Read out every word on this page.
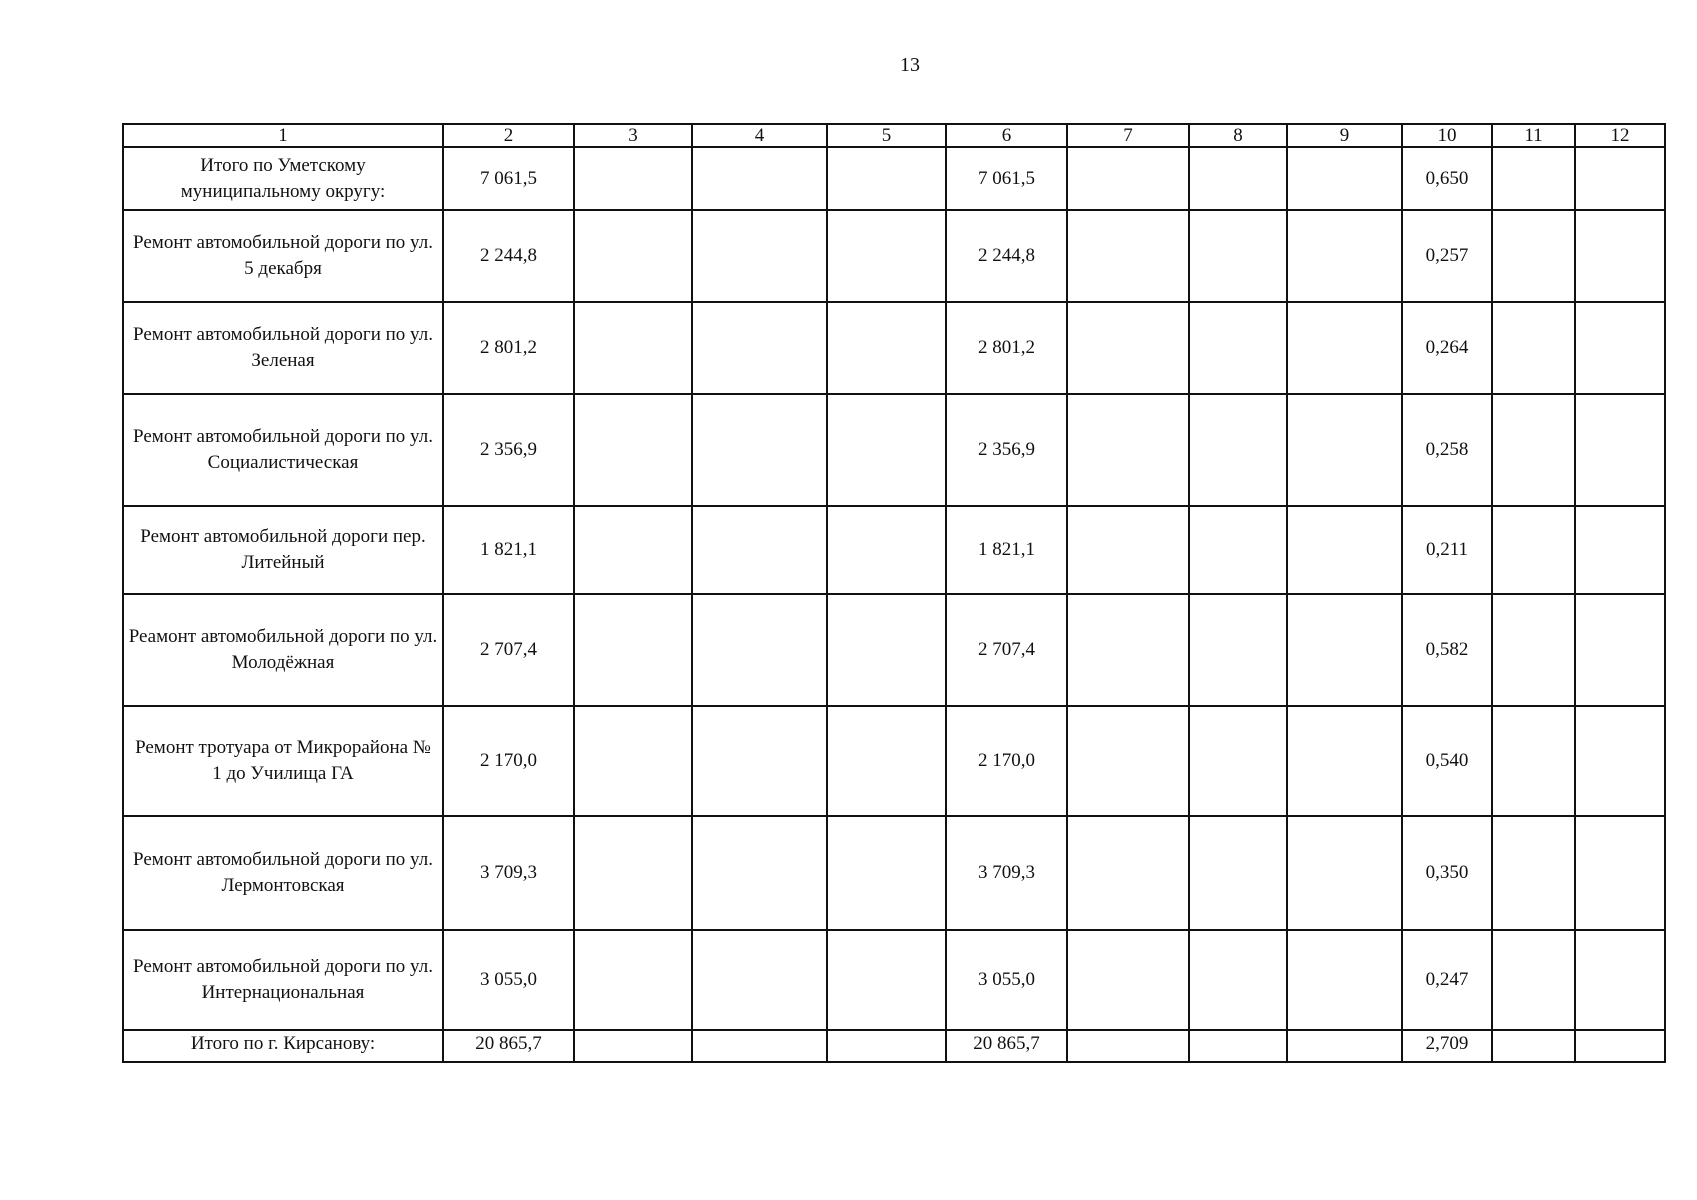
13
1	2	3	4	5	6	7	8	9	10	11	12
Итого по Уметскому муниципальному округу:	7 061,5				7 061,5				0,650		
Ремонт автомобильной дороги по ул. 5 декабря	2 244,8				2 244,8				0,257		
Ремонт автомобильной дороги по ул. Зеленая	2 801,2				2 801,2				0,264		
Ремонт автомобильной дороги по ул. Социалистическая	2 356,9				2 356,9				0,258		
Ремонт автомобильной дороги пер. Литейный	1 821,1				1 821,1				0,211		
Реамонт автомобильной дороги по ул. Молодёжная	2 707,4				2 707,4				0,582		
Ремонт тротуара от Микрорайона № 1 до Училища ГА	2 170,0				2 170,0				0,540		
Ремонт автомобильной дороги по ул. Лермонтовская	3 709,3				3 709,3				0,350		
Ремонт автомобильной дороги по ул. Интернациональная	3 055,0				3 055,0				0,247		
Итого по г. Кирсанову:	20 865,7				20 865,7				2,709		
